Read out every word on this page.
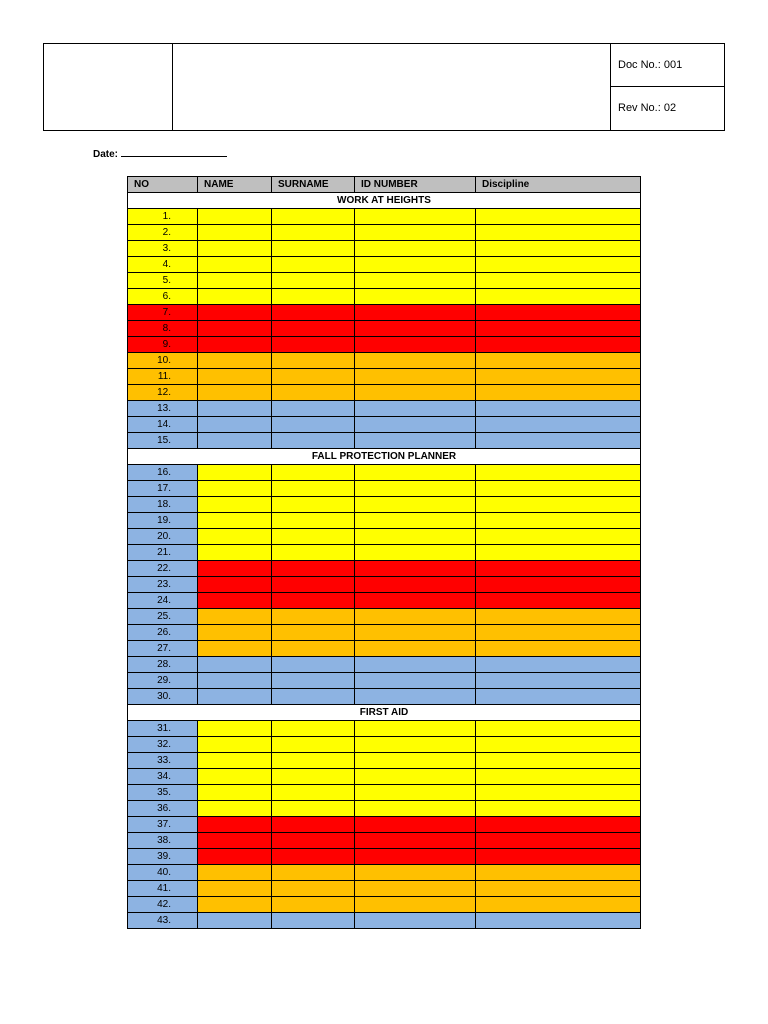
Doc No.: 001
Rev No.: 02
Date:
NO	NAME	SURNAME	ID NUMBER	Discipline
WORK AT HEIGHTS				
1.				
2.				
3.				
4.				
5.				
6.				
7.				
8.				
9.				
10.				
11.				
12.				
13.				
14.				
15.				
FALL PROTECTION PLANNER				
16.				
17.				
18.				
19.				
20.				
21.				
22.				
23.				
24.				
25.				
26.				
27.				
28.				
29.				
30.				
FIRST AID				
31.				
32.				
33.				
34.				
35.				
36.				
37.				
38.				
39.				
40.				
41.				
42.				
43.				
